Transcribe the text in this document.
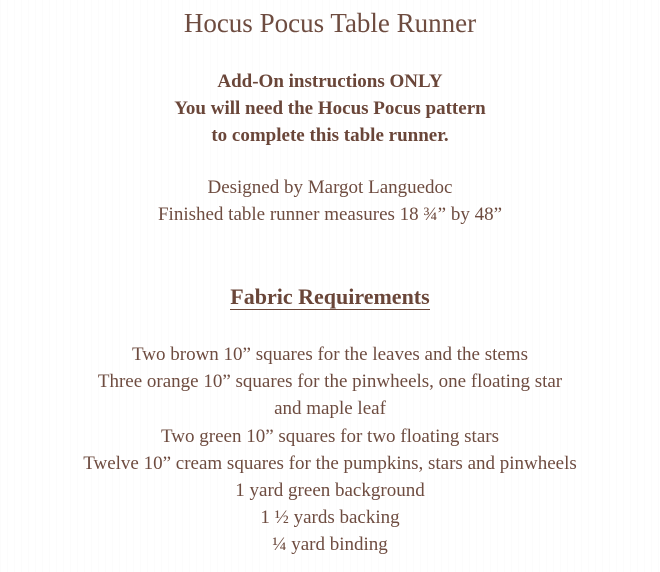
Hocus Pocus Table Runner
Add-On instructions ONLY
You will need the Hocus Pocus pattern
to complete this table runner.
Designed by Margot Languedoc
Finished table runner measures 18 ¾” by 48”
Fabric Requirements
Two brown 10” squares for the leaves and the stems
Three orange 10” squares for the pinwheels, one floating star
and maple leaf
Two green 10” squares for two floating stars
Twelve 10” cream squares for the pumpkins, stars and pinwheels
1 yard green background
1 ½ yards backing
¼ yard binding
